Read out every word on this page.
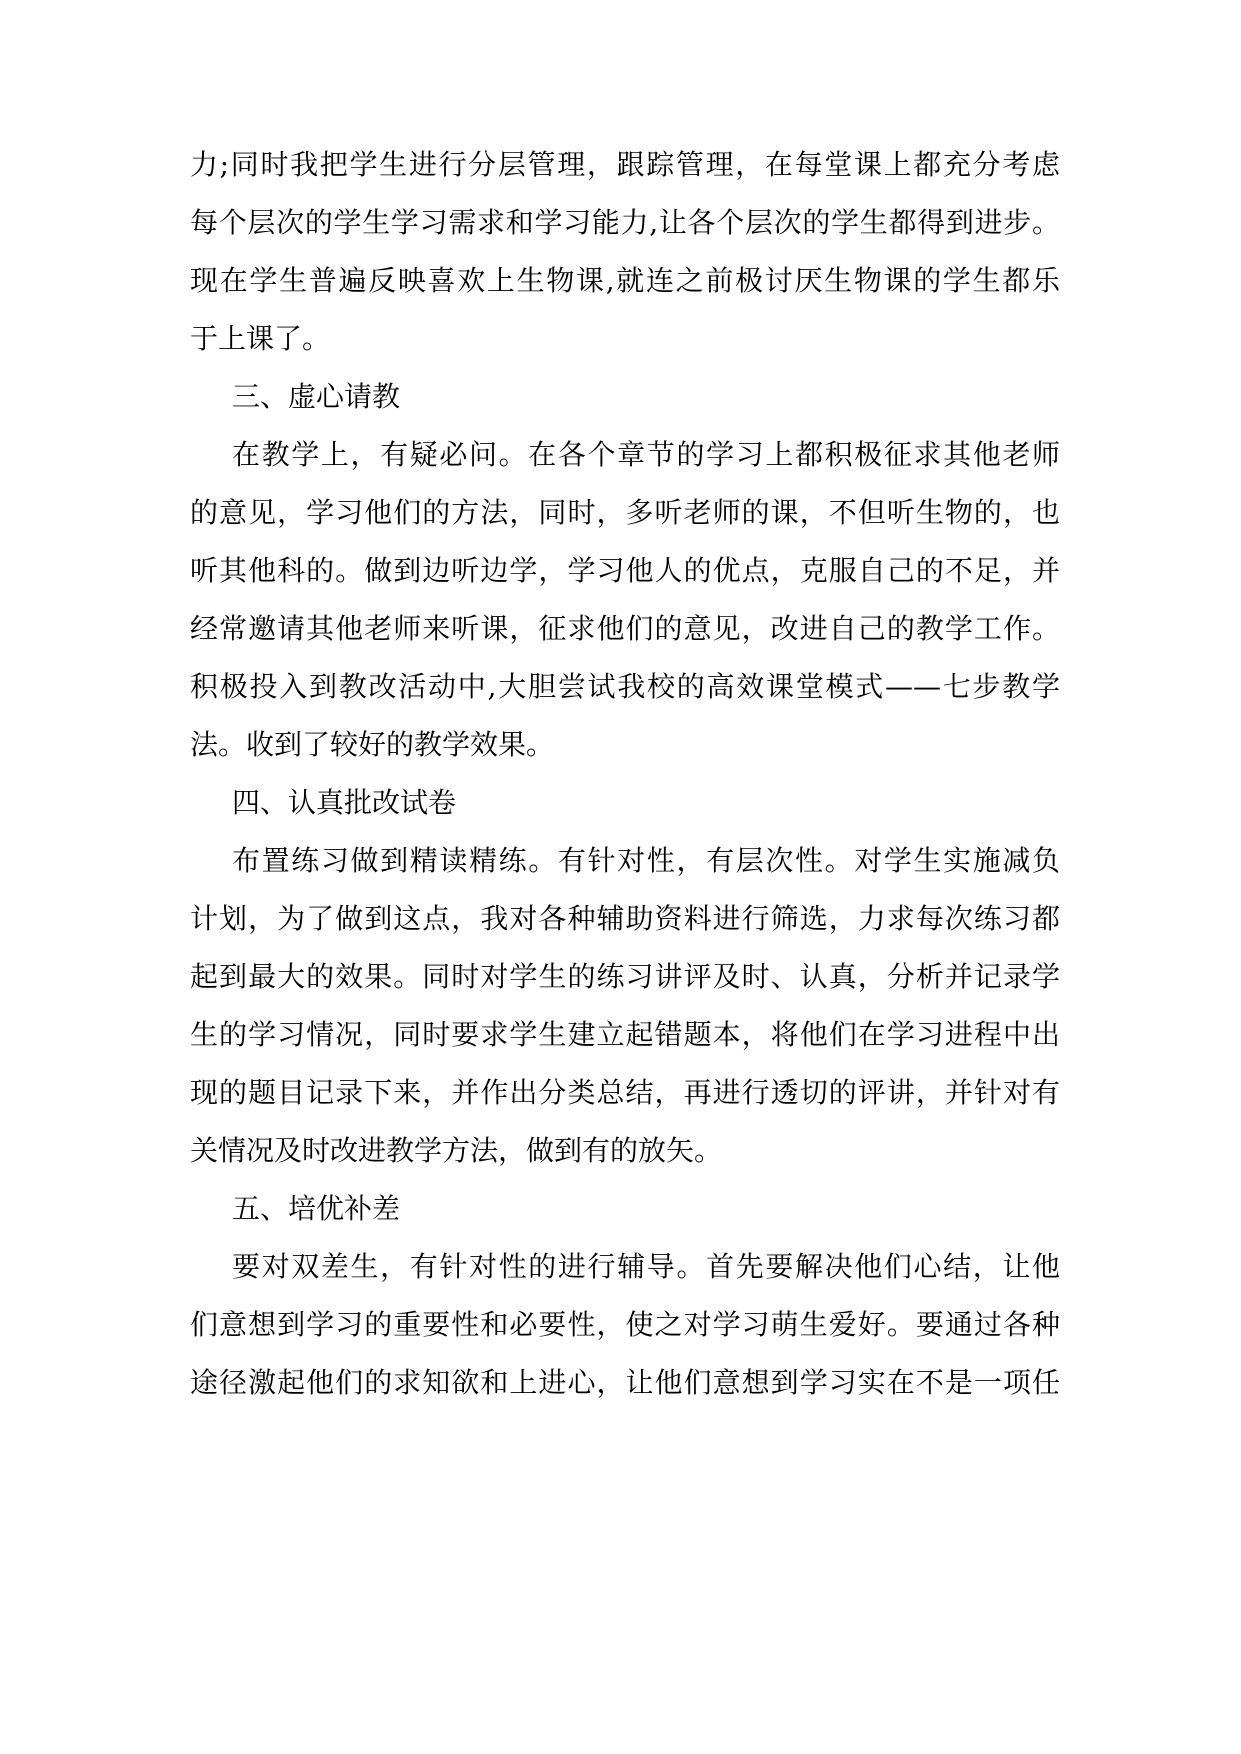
力;同时我把学生进行分层管理，跟踪管理，在每堂课上都充分考虑
每个层次的学生学习需求和学习能力,让各个层次的学生都得到进步。
现在学生普遍反映喜欢上生物课,就连之前极讨厌生物课的学生都乐
于上课了。
三、虚心请教
在教学上，有疑必问。在各个章节的学习上都积极征求其他老师
的意见，学习他们的方法，同时，多听老师的课，不但听生物的，也
听其他科的。做到边听边学，学习他人的优点，克服自己的不足，并
经常邀请其他老师来听课，征求他们的意见，改进自己的教学工作。
积极投入到教改活动中,大胆尝试我校的高效课堂模式——七步教学
法。收到了较好的教学效果。
四、认真批改试卷
布置练习做到精读精练。有针对性，有层次性。对学生实施减负
计划，为了做到这点，我对各种辅助资料进行筛选，力求每次练习都
起到最大的效果。同时对学生的练习讲评及时、认真，分析并记录学
生的学习情况，同时要求学生建立起错题本，将他们在学习进程中出
现的题目记录下来，并作出分类总结，再进行透切的评讲，并针对有
关情况及时改进教学方法，做到有的放矢。
五、培优补差
要对双差生，有针对性的进行辅导。首先要解决他们心结，让他
们意想到学习的重要性和必要性，使之对学习萌生爱好。要通过各种
途径激起他们的求知欲和上进心，让他们意想到学习实在不是一项任
